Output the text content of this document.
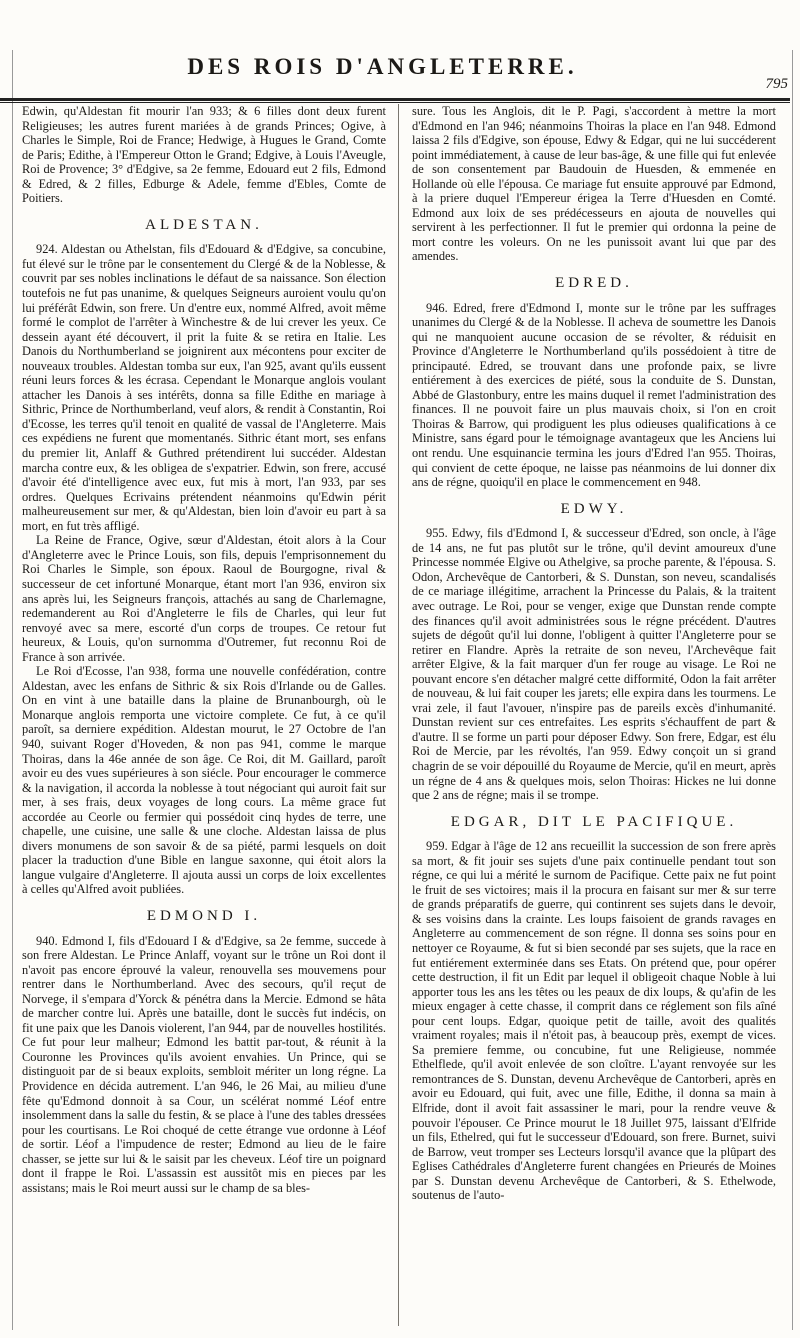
DES ROIS D'ANGLETERRE.
795

Edwin, qu'Aldestan fit mourir l'an 933; & 6 filles dont deux furent Religieuses; les autres furent mariées à de grands Princes; Ogive, à Charles le Simple, Roi de France; Hedwige, à Hugues le Grand, Comte de Paris; Edithe, à l'Empereur Otton le Grand; Edgive, à Louis l'Aveugle, Roi de Provence; 3° d'Edgive, sa 2e femme, Edouard eut 2 fils, Edmond & Edred, & 2 filles, Edburge & Adele, femme d'Ebles, Comte de Poitiers.

ALDESTAN.

924. Aldestan ou Athelstan, fils d'Edouard & d'Edgive, sa concubine, fut élevé sur le trône par le consentement du Clergé & de la Noblesse, & couvrit par ses nobles inclinations le défaut de sa naissance. Son élection toutefois ne fut pas unanime, & quelques Seigneurs auroient voulu qu'on lui préférât Edwin, son frere. Un d'entre eux, nommé Alfred, avoit même formé le complot de l'arrêter à Winchestre & de lui crever les yeux. Ce dessein ayant été découvert, il prit la fuite & se retira en Italie. Les Danois du Northumberland se joignirent aux mécontens pour exciter de nouveaux troubles. Aldestan tomba sur eux, l'an 925, avant qu'ils eussent réuni leurs forces & les écrasa. Cependant le Monarque anglois voulant attacher les Danois à ses intérêts, donna sa fille Edithe en mariage à Sithric, Prince de Northumberland, veuf alors, & rendit à Constantin, Roi d'Ecosse, les terres qu'il tenoit en qualité de vassal de l'Angleterre. Mais ces expédiens ne furent que momentanés. Sithric étant mort, ses enfans du premier lit, Anlaff & Guthred prétendirent lui succéder. Aldestan marcha contre eux, & les obligea de s'expatrier. Edwin, son frere, accusé d'avoir été d'intelligence avec eux, fut mis à mort, l'an 933, par ses ordres. Quelques Ecrivains prétendent néanmoins qu'Edwin périt malheureusement sur mer, & qu'Aldestan, bien loin d'avoir eu part à sa mort, en fut très affligé.

La Reine de France, Ogive, sœur d'Aldestan, étoit alors à la Cour d'Angleterre avec le Prince Louis, son fils, depuis l'emprisonnement du Roi Charles le Simple, son époux. Raoul de Bourgogne, rival & successeur de cet infortuné Monarque, étant mort l'an 936, environ six ans après lui, les Seigneurs françois, attachés au sang de Charlemagne, redemanderent au Roi d'Angleterre le fils de Charles, qui leur fut renvoyé avec sa mere, escorté d'un corps de troupes. Ce retour fut heureux, & Louis, qu'on surnomma d'Outremer, fut reconnu Roi de France à son arrivée.

Le Roi d'Ecosse, l'an 938, forma une nouvelle confédération, contre Aldestan, avec les enfans de Sithric & six Rois d'Irlande ou de Galles. On en vint à une bataille dans la plaine de Brunanbourgh, où le Monarque anglois remporta une victoire complete. Ce fut, à ce qu'il paroît, sa derniere expédition. Aldestan mourut, le 27 Octobre de l'an 940, suivant Roger d'Hoveden, & non pas 941, comme le marque Thoiras, dans la 46e année de son âge. Ce Roi, dit M. Gaillard, paroît avoir eu des vues supérieures à son siécle. Pour encourager le commerce & la navigation, il accorda la noblesse à tout négociant qui auroit fait sur mer, à ses frais, deux voyages de long cours. La même grace fut accordée au Ceorle ou fermier qui possédoit cinq hydes de terre, une chapelle, une cuisine, une salle & une cloche. Aldestan laissa de plus divers monumens de son savoir & de sa piété, parmi lesquels on doit placer la traduction d'une Bible en langue saxonne, qui étoit alors la langue vulgaire d'Angleterre. Il ajouta aussi un corps de loix excellentes à celles qu'Alfred avoit publiées.

EDMOND I.

940. Edmond I, fils d'Edouard I & d'Edgive, sa 2e femme, succede à son frere Aldestan. Le Prince Anlaff, voyant sur le trône un Roi dont il n'avoit pas encore éprouvé la valeur, renouvella ses mouvemens pour rentrer dans le Northumberland. Avec des secours, qu'il reçut de Norvege, il s'empara d'Yorck & pénétra dans la Mercie. Edmond se hâta de marcher contre lui. Après une bataille, dont le succès fut indécis, on fit une paix que les Danois violerent, l'an 944, par de nouvelles hostilités. Ce fut pour leur malheur; Edmond les battit par-tout, & réunit à la Couronne les Provinces qu'ils avoient envahies. Un Prince, qui se distinguoit par de si beaux exploits, sembloit mériter un long régne. La Providence en décida autrement. L'an 946, le 26 Mai, au milieu d'une fête qu'Edmond donnoit à sa Cour, un scélérat nommé Léof entre insolemment dans la salle du festin, & se place à l'une des tables dressées pour les courtisans. Le Roi choqué de cette étrange vue ordonne à Léof de sortir. Léof a l'impudence de rester; Edmond au lieu de le faire chasser, se jette sur lui & le saisit par les cheveux. Léof tire un poignard dont il frappe le Roi. L'assassin est aussitôt mis en pieces par les assistans; mais le Roi meurt aussi sur le champ de sa bles-

sure. Tous les Anglois, dit le P. Pagi, s'accordent à mettre la mort d'Edmond en l'an 946; néanmoins Thoiras la place en l'an 948. Edmond laissa 2 fils d'Edgive, son épouse, Edwy & Edgar, qui ne lui succéderent point immédiatement, à cause de leur bas-âge, & une fille qui fut enlevée de son consentement par Baudouin de Huesden, & emmenée en Hollande où elle l'épousa. Ce mariage fut ensuite approuvé par Edmond, à la priere duquel l'Empereur érigea la Terre d'Huesden en Comté. Edmond aux loix de ses prédécesseurs en ajouta de nouvelles qui servirent à les perfectionner. Il fut le premier qui ordonna la peine de mort contre les voleurs. On ne les punissoit avant lui que par des amendes.

EDRED.

946. Edred, frere d'Edmond I, monte sur le trône par les suffrages unanimes du Clergé & de la Noblesse. Il acheva de soumettre les Danois qui ne manquoient aucune occasion de se révolter, & réduisit en Province d'Angleterre le Northumberland qu'ils possédoient à titre de principauté. Edred, se trouvant dans une profonde paix, se livre entiérement à des exercices de piété, sous la conduite de S. Dunstan, Abbé de Glastonbury, entre les mains duquel il remet l'administration des finances. Il ne pouvoit faire un plus mauvais choix, si l'on en croit Thoiras & Barrow, qui prodiguent les plus odieuses qualifications à ce Ministre, sans égard pour le témoignage avantageux que les Anciens lui ont rendu. Une esquinancie termina les jours d'Edred l'an 955. Thoiras, qui convient de cette époque, ne laisse pas néanmoins de lui donner dix ans de régne, quoiqu'il en place le commencement en 948.

EDWY.

955. Edwy, fils d'Edmond I, & successeur d'Edred, son oncle, à l'âge de 14 ans, ne fut pas plutôt sur le trône, qu'il devint amoureux d'une Princesse nommée Elgive ou Athelgive, sa proche parente, & l'épousa. S. Odon, Archevêque de Cantorberi, & S. Dunstan, son neveu, scandalisés de ce mariage illégitime, arrachent la Princesse du Palais, & la traitent avec outrage. Le Roi, pour se venger, exige que Dunstan rende compte des finances qu'il avoit administrées sous le régne précédent. D'autres sujets de dégoût qu'il lui donne, l'obligent à quitter l'Angleterre pour se retirer en Flandre. Après la retraite de son neveu, l'Archevêque fait arrêter Elgive, & la fait marquer d'un fer rouge au visage. Le Roi ne pouvant encore s'en détacher malgré cette difformité, Odon la fait arrêter de nouveau, & lui fait couper les jarets; elle expira dans les tourmens. Le vrai zele, il faut l'avouer, n'inspire pas de pareils excès d'inhumanité. Dunstan revient sur ces entrefaites. Les esprits s'échauffent de part & d'autre. Il se forme un parti pour déposer Edwy. Son frere, Edgar, est élu Roi de Mercie, par les révoltés, l'an 959. Edwy conçoit un si grand chagrin de se voir dépouillé du Royaume de Mercie, qu'il en meurt, après un régne de 4 ans & quelques mois, selon Thoiras: Hickes ne lui donne que 2 ans de régne; mais il se trompe.

EDGAR, DIT LE PACIFIQUE.

959. Edgar à l'âge de 12 ans recueillit la succession de son frere après sa mort, & fit jouir ses sujets d'une paix continuelle pendant tout son régne, ce qui lui a mérité le surnom de Pacifique. Cette paix ne fut point le fruit de ses victoires; mais il la procura en faisant sur mer & sur terre de grands préparatifs de guerre, qui continrent ses sujets dans le devoir, & ses voisins dans la crainte. Les loups faisoient de grands ravages en Angleterre au commencement de son régne. Il donna ses soins pour en nettoyer ce Royaume, & fut si bien secondé par ses sujets, que la race en fut entiérement exterminée dans ses Etats. On prétend que, pour opérer cette destruction, il fit un Edit par lequel il obligeoit chaque Noble à lui apporter tous les ans les têtes ou les peaux de dix loups, & qu'afin de les mieux engager à cette chasse, il comprit dans ce réglement son fils aîné pour cent loups. Edgar, quoique petit de taille, avoit des qualités vraiment royales; mais il n'étoit pas, à beaucoup près, exempt de vices. Sa premiere femme, ou concubine, fut une Religieuse, nommée Ethelflede, qu'il avoit enlevée de son cloître. L'ayant renvoyée sur les remontrances de S. Dunstan, devenu Archevêque de Cantorberi, après en avoir eu Edouard, qui fuit, avec une fille, Edithe, il donna sa main à Elfride, dont il avoit fait assassiner le mari, pour la rendre veuve & pouvoir l'épouser. Ce Prince mourut le 18 Juillet 975, laissant d'Elfride un fils, Ethelred, qui fut le successeur d'Edouard, son frere. Burnet, suivi de Barrow, veut tromper ses Lecteurs lorsqu'il avance que la plûpart des Eglises Cathédrales d'Angleterre furent changées en Prieurés de Moines par S. Dunstan devenu Archevêque de Cantorberi, & S. Ethelwode, soutenus de l'auto-
